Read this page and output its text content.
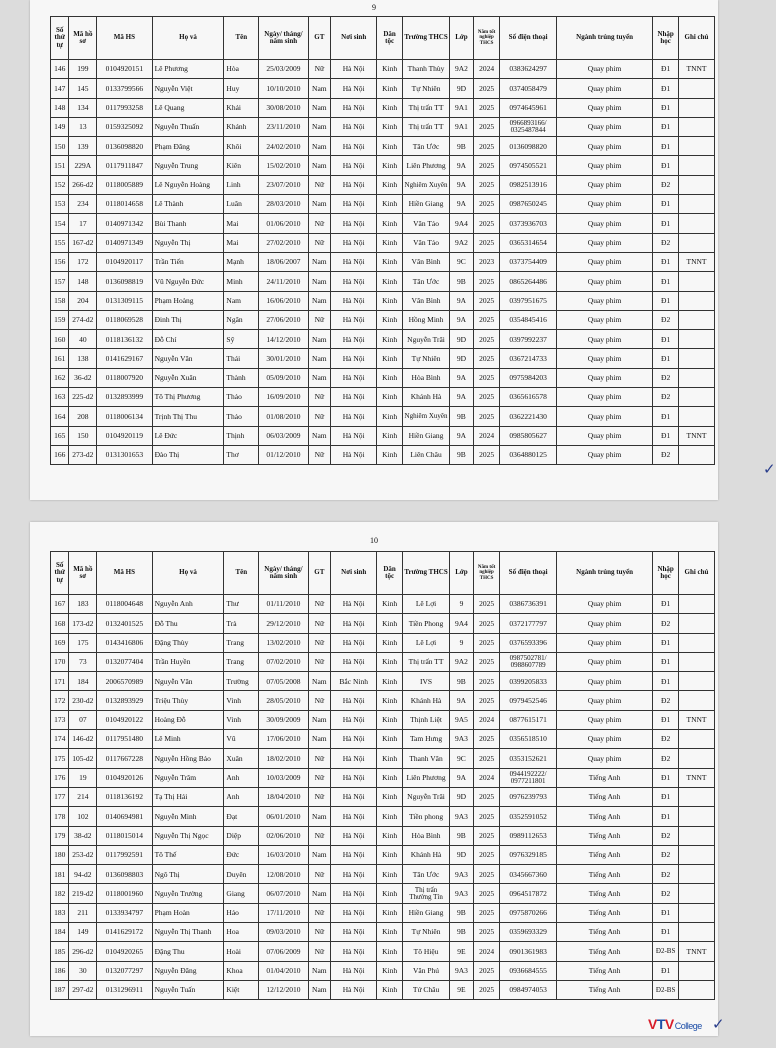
9
Số thứ tự	Mã hồ sơ	Mã HS	Họ và	Tên	Ngày/ tháng/ năm sinh	GT	Nơi sinh	Dân tộc	Trường THCS	Lớp	Năm tốt nghiệp THCS	Số điện thoại	Ngành trúng tuyển	Nhập học	Ghi chú
146	199	0104920151	Lê Phương	Hòa	25/03/2009	Nữ	Hà Nội	Kinh	Thanh Thùy	9A2	2024	0383624297	Quay phim	Đ1	TNNT
147	145	0133799566	Nguyễn Việt	Huy	10/10/2010	Nam	Hà Nội	Kinh	Tự Nhiên	9D	2025	0374058479	Quay phim	Đ1	
148	134	0117993258	Lê Quang	Khải	30/08/2010	Nam	Hà Nội	Kinh	Thị trấn TT	9A1	2025	0974645961	Quay phim	Đ1	
149	13	0159325092	Nguyễn Thuấn	Khánh	23/11/2010	Nam	Hà Nội	Kinh	Thị trấn TT	9A1	2025	0966893166/ 0325487844	Quay phim	Đ1	
150	139	0136098820	Phạm Đăng	Khôi	24/02/2010	Nam	Hà Nội	Kinh	Tân Ước	9B	2025	0136098820	Quay phim	Đ1	
151	229A	0117911847	Nguyễn Trung	Kiên	15/02/2010	Nam	Hà Nội	Kinh	Liên Phương	9A	2025	0974505521	Quay phim	Đ1	
152	266-d2	0118005889	Lê Nguyễn Hoàng	Linh	23/07/2010	Nữ	Hà Nội	Kinh	Nghiêm Xuyên	9A	2025	0982513916	Quay phim	Đ2	
153	234	0118014658	Lê Thành	Luân	28/03/2010	Nam	Hà Nội	Kinh	Hiền Giang	9A	2025	0987650245	Quay phim	Đ1	
154	17	0140971342	Bùi Thanh	Mai	01/06/2010	Nữ	Hà Nội	Kinh	Văn Tảo	9A4	2025	0373936703	Quay phim	Đ1	
155	167-d2	0140971349	Nguyễn Thị	Mai	27/02/2010	Nữ	Hà Nội	Kinh	Văn Tảo	9A2	2025	0365314654	Quay phim	Đ2	
156	172	0104920117	Trần Tiến	Mạnh	18/06/2007	Nam	Hà Nội	Kinh	Văn Bình	9C	2023	0373754409	Quay phim	Đ1	TNNT
157	148	0136098819	Vũ Nguyễn Đức	Minh	24/11/2010	Nam	Hà Nội	Kinh	Tân Ước	9B	2025	0865264486	Quay phim	Đ1	
158	204	0131309115	Phạm Hoàng	Nam	16/06/2010	Nam	Hà Nội	Kinh	Văn Bình	9A	2025	0397951675	Quay phim	Đ1	
159	274-d2	0118069528	Đinh Thị	Ngân	27/06/2010	Nữ	Hà Nội	Kinh	Hồng Minh	9A	2025	0354845416	Quay phim	Đ2	
160	40	0118136132	Đỗ Chí	Sỹ	14/12/2010	Nam	Hà Nội	Kinh	Nguyễn Trãi	9D	2025	0397992237	Quay phim	Đ1	
161	138	0141629167	Nguyễn Văn	Thái	30/01/2010	Nam	Hà Nội	Kinh	Tự Nhiên	9D	2025	0367214733	Quay phim	Đ1	
162	36-d2	0118007920	Nguyễn Xuân	Thành	05/09/2010	Nam	Hà Nội	Kinh	Hòa Bình	9A	2025	0975984203	Quay phim	Đ2	
163	225-d2	0132893999	Tô Thị Phương	Thảo	16/09/2010	Nữ	Hà Nội	Kinh	Khánh Hà	9A	2025	0365616578	Quay phim	Đ2	
164	208	0118006134	Trịnh Thị Thu	Thảo	01/08/2010	Nữ	Hà Nội	Kinh	Nghiêm Xuyên	9B	2025	0362221430	Quay phim	Đ1	
165	150	0104920119	Lê Đức	Thịnh	06/03/2009	Nam	Hà Nội	Kinh	Hiền Giang	9A	2024	0985805627	Quay phim	Đ1	TNNT
166	273-d2	0131301653	Đào Thị	Thơ	01/12/2010	Nữ	Hà Nội	Kinh	Liên Châu	9B	2025	0364880125	Quay phim	Đ2	
✓
10
Số thứ tự	Mã hồ sơ	Mã HS	Họ và	Tên	Ngày/ tháng/ năm sinh	GT	Nơi sinh	Dân tộc	Trường THCS	Lớp	Năm tốt nghiệp THCS	Số điện thoại	Ngành trúng tuyển	Nhập học	Ghi chú
167	183	0118004648	Nguyễn Anh	Thư	01/11/2010	Nữ	Hà Nội	Kinh	Lê Lợi	9	2025	0386736391	Quay phim	Đ1	
168	173-d2	0132401525	Đỗ Thu	Trà	29/12/2010	Nữ	Hà Nội	Kinh	Tiền Phong	9A4	2025	0372177797	Quay phim	Đ2	
169	175	0143416806	Đặng Thùy	Trang	13/02/2010	Nữ	Hà Nội	Kinh	Lê Lợi	9	2025	0376593396	Quay phim	Đ1	
170	73	0132077404	Trần Huyền	Trang	07/02/2010	Nữ	Hà Nội	Kinh	Thị trấn TT	9A2	2025	0987502781/ 0988607789	Quay phim	Đ1	
171	184	2006570989	Nguyễn Văn	Trường	07/05/2008	Nam	Bắc Ninh	Kinh	IVS	9B	2025	0399205833	Quay phim	Đ1	
172	230-d2	0132893929	Triệu Thùy	Vinh	28/05/2010	Nữ	Hà Nội	Kinh	Khánh Hà	9A	2025	0979452546	Quay phim	Đ2	
173	07	0104920122	Hoàng Đỗ	Vinh	30/09/2009	Nam	Hà Nội	Kinh	Thịnh Liệt	9A5	2024	0877615171	Quay phim	Đ1	TNNT
174	146-d2	0117951480	Lê Minh	Vũ	17/06/2010	Nam	Hà Nội	Kinh	Tam Hưng	9A3	2025	0356518510	Quay phim	Đ2	
175	105-d2	0117667228	Nguyễn Hồng Bảo	Xuân	18/02/2010	Nữ	Hà Nội	Kinh	Thanh Văn	9C	2025	0353152621	Quay phim	Đ2	
176	19	0104920126	Nguyễn Trâm	Anh	10/03/2009	Nữ	Hà Nội	Kinh	Liên Phương	9A	2024	0944192222/ 0977211801	Tiếng Anh	Đ1	TNNT
177	214	0118136192	Tạ Thị Hải	Anh	18/04/2010	Nữ	Hà Nội	Kinh	Nguyễn Trãi	9D	2025	0976239793	Tiếng Anh	Đ1	
178	102	0140694981	Nguyễn Minh	Đạt	06/01/2010	Nam	Hà Nội	Kinh	Tiền phong	9A3	2025	0352591052	Tiếng Anh	Đ1	
179	38-d2	0118015014	Nguyễn Thị Ngọc	Diệp	02/06/2010	Nữ	Hà Nội	Kinh	Hòa Bình	9B	2025	0989112653	Tiếng Anh	Đ2	
180	253-d2	0117992591	Tô Thế	Đức	16/03/2010	Nam	Hà Nội	Kinh	Khánh Hà	9D	2025	0976329185	Tiếng Anh	Đ2	
181	94-d2	0136098803	Ngô Thị	Duyên	12/08/2010	Nữ	Hà Nội	Kinh	Tân Ước	9A3	2025	0345667360	Tiếng Anh	Đ2	
182	219-d2	0118001960	Nguyễn Trường	Giang	06/07/2010	Nam	Hà Nội	Kinh	Thị trấn Thường Tín	9A3	2025	0964517872	Tiếng Anh	Đ2	
183	211	0133934797	Phạm Hoàn	Hảo	17/11/2010	Nữ	Hà Nội	Kinh	Hiền Giang	9B	2025	0975870266	Tiếng Anh	Đ1	
184	149	0141629172	Nguyễn Thị Thanh	Hoa	09/03/2010	Nữ	Hà Nội	Kinh	Tự Nhiên	9B	2025	0359693329	Tiếng Anh	Đ1	
185	296-d2	0104920265	Đặng Thu	Hoài	07/06/2009	Nữ	Hà Nội	Kinh	Tô Hiệu	9E	2024	0901361983	Tiếng Anh	Đ2-BS	TNNT
186	30	0132077297	Nguyễn Đăng	Khoa	01/04/2010	Nam	Hà Nội	Kinh	Văn Phú	9A3	2025	0936684555	Tiếng Anh	Đ1	
187	297-d2	0131296911	Nguyễn Tuấn	Kiệt	12/12/2010	Nam	Hà Nội	Kinh	Tứ Châu	9E	2025	0984974053	Tiếng Anh	Đ2-BS	
✓
VTVCollege
